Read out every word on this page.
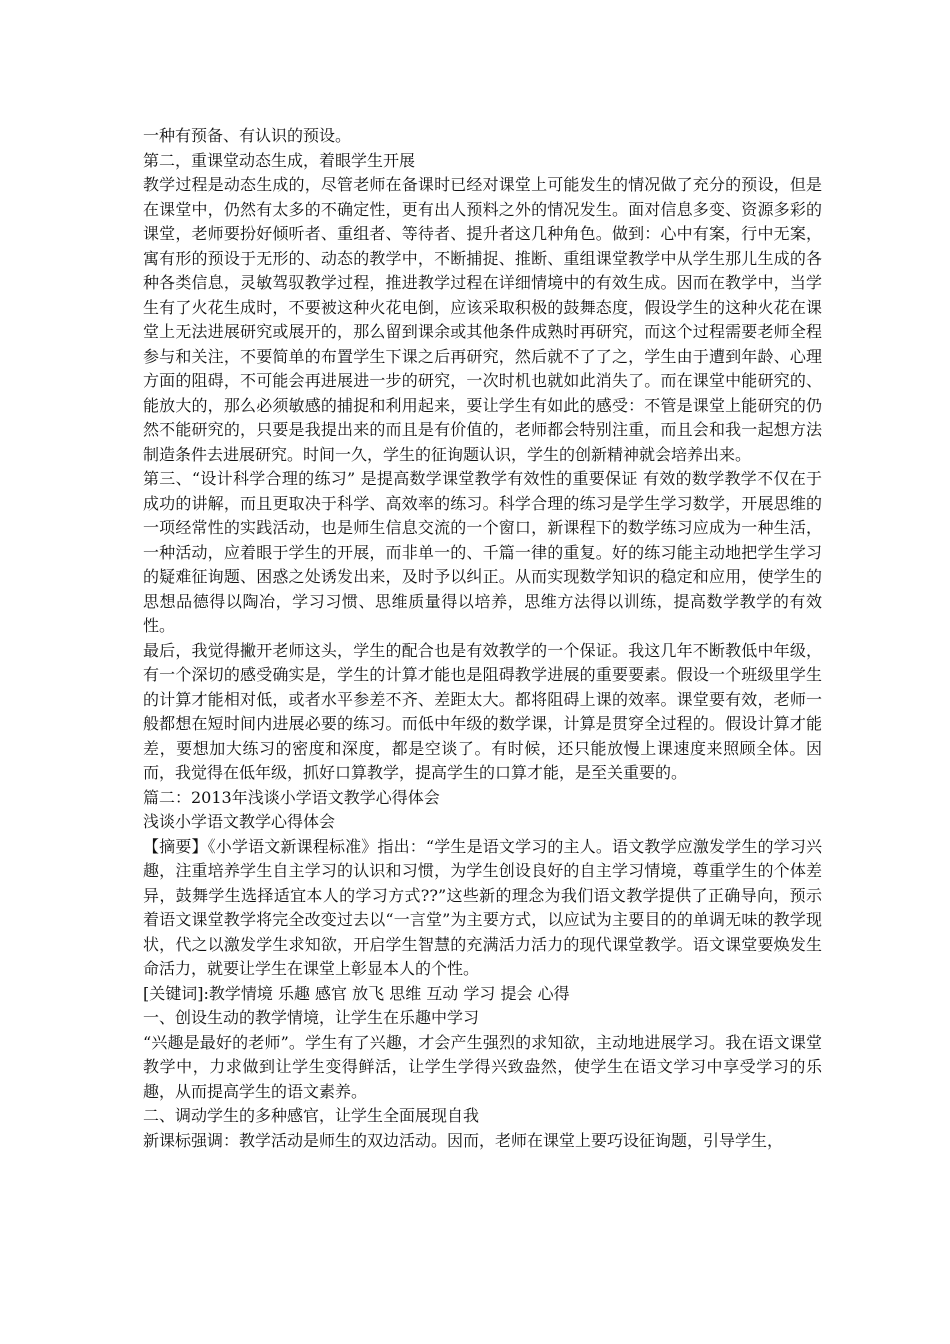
一种有预备、有认识的预设。

第二，重课堂动态生成，着眼学生开展

教学过程是动态生成的，尽管老师在备课时已经对课堂上可能发生的情况做了充分的预设，但是在课堂中，仍然有太多的不确定性，更有出人预料之外的情况发生。面对信息多变、资源多彩的课堂，老师要扮好倾听者、重组者、等待者、提升者这几种角色。做到：心中有案，行中无案，寓有形的预设于无形的、动态的教学中，不断捕捉、推断、重组课堂教学中从学生那儿生成的各种各类信息，灵敏驾驭教学过程，推进教学过程在详细情境中的有效生成。因而在教学中，当学生有了火花生成时，不要被这种火花电倒，应该采取积极的鼓舞态度，假设学生的这种火花在课堂上无法进展研究或展开的，那么留到课余或其他条件成熟时再研究，而这个过程需要老师全程参与和关注，不要简单的布置学生下课之后再研究，然后就不了了之，学生由于遭到年龄、心理方面的阻碍，不可能会再进展进一步的研究，一次时机也就如此消失了。而在课堂中能研究的、能放大的，那么必须敏感的捕捉和利用起来，要让学生有如此的感受：不管是课堂上能研究的仍然不能研究的，只要是我提出来的而且是有价值的，老师都会特别注重，而且会和我一起想方法制造条件去进展研究。时间一久，学生的征询题认识，学生的创新精神就会培养出来。

第三、“设计科学合理的练习” 是提高数学课堂教学有效性的重要保证 有效的数学教学不仅在于成功的讲解，而且更取决于科学、高效率的练习。科学合理的练习是学生学习数学，开展思维的一项经常性的实践活动，也是师生信息交流的一个窗口，新课程下的数学练习应成为一种生活，一种活动，应着眼于学生的开展，而非单一的、千篇一律的重复。好的练习能主动地把学生学习的疑难征询题、困惑之处诱发出来，及时予以纠正。从而实现数学知识的稳定和应用，使学生的思想品德得以陶冶，学习习惯、思维质量得以培养，思维方法得以训练，提高数学教学的有效性。

最后，我觉得撇开老师这头，学生的配合也是有效教学的一个保证。我这几年不断教低中年级，有一个深切的感受确实是，学生的计算才能也是阻碍教学进展的重要要素。假设一个班级里学生的计算才能相对低，或者水平参差不齐、差距太大。都将阻碍上课的效率。课堂要有效，老师一般都想在短时间内进展必要的练习。而低中年级的数学课，计算是贯穿全过程的。假设计算才能差，要想加大练习的密度和深度，都是空谈了。有时候，还只能放慢上课速度来照顾全体。因而，我觉得在低年级，抓好口算教学，提高学生的口算才能，是至关重要的。

篇二：2013年浅谈小学语文教学心得体会

浅谈小学语文教学心得体会

【摘要】《小学语文新课程标准》指出：“学生是语文学习的主人。语文教学应激发学生的学习兴趣，注重培养学生自主学习的认识和习惯，为学生创设良好的自主学习情境，尊重学生的个体差异，鼓舞学生选择适宜本人的学习方式??”这些新的理念为我们语文教学提供了正确导向，预示着语文课堂教学将完全改变过去以“一言堂”为主要方式，以应试为主要目的的单调无味的教学现状，代之以激发学生求知欲，开启学生智慧的充满活力活力的现代课堂教学。语文课堂要焕发生命活力，就要让学生在课堂上彰显本人的个性。

[关键词]:教学情境 乐趣 感官 放飞 思维 互动 学习 提会 心得

一、创设生动的教学情境，让学生在乐趣中学习

“兴趣是最好的老师”。学生有了兴趣，才会产生强烈的求知欲，主动地进展学习。我在语文课堂教学中，力求做到让学生变得鲜活，让学生学得兴致盎然，使学生在语文学习中享受学习的乐趣，从而提高学生的语文素养。

二、调动学生的多种感官，让学生全面展现自我

新课标强调：教学活动是师生的双边活动。因而，老师在课堂上要巧设征询题，引导学生，
